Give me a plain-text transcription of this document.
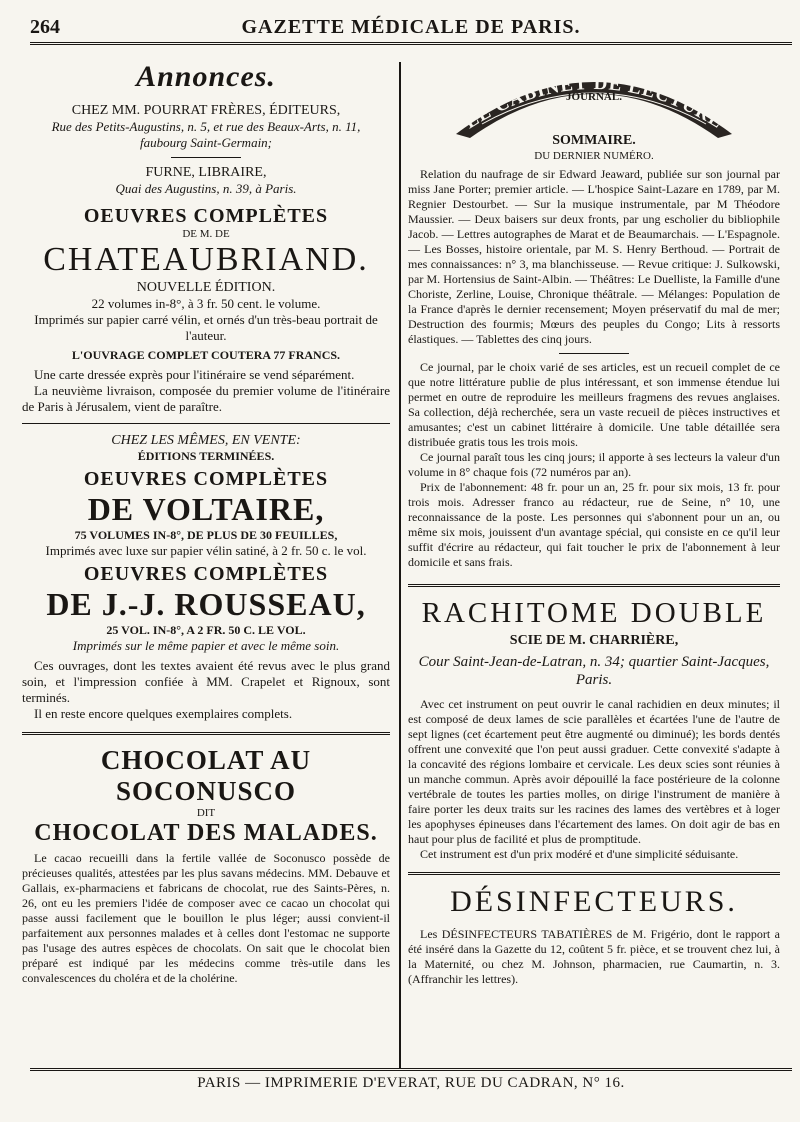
264	GAZETTE MÉDICALE DE PARIS.
Annonces.

CHEZ MM. POURRAT FRÈRES, ÉDITEURS,

Rue des Petits-Augustins, n. 5, et rue des Beaux-Arts, n. 11,

faubourg Saint-Germain;

FURNE, LIBRAIRE,

Quai des Augustins, n. 39, à Paris.

OEUVRES COMPLÈTES

DE M. DE

CHATEAUBRIAND.

NOUVELLE ÉDITION.

22 volumes in-8°, à 3 fr. 50 cent. le volume.

Imprimés sur papier carré vélin, et ornés d'un très-beau portrait de l'auteur.

L'OUVRAGE COMPLET COUTERA 77 FRANCS.

Une carte dressée exprès pour l'itinéraire se vend séparément.

La neuvième livraison, composée du premier volume de l'itinéraire de Paris à Jérusalem, vient de paraître.

CHEZ LES MÊMES, EN VENTE:

ÉDITIONS TERMINÉES.

OEUVRES COMPLÈTES

DE VOLTAIRE,

75 VOLUMES IN-8°, DE PLUS DE 30 FEUILLES,

Imprimés avec luxe sur papier vélin satiné, à 2 fr. 50 c. le vol.

OEUVRES COMPLÈTES

DE J.-J. ROUSSEAU,

25 VOL. IN-8°, A 2 FR. 50 C. LE VOL.

Imprimés sur le même papier et avec le même soin.

Ces ouvrages, dont les textes avaient été revus avec le plus grand soin, et l'impression confiée à MM. Crapelet et Rignoux, sont terminés.

Il en reste encore quelques exemplaires complets.

CHOCOLAT AU SOCONUSCO

DIT

CHOCOLAT DES MALADES.

Le cacao recueilli dans la fertile vallée de Soconusco possède de précieuses qualités, attestées par les plus savans médecins. MM. Debauve et Gallais, ex-pharmaciens et fabricans de chocolat, rue des Saints-Pères, n. 26, ont eu les premiers l'idée de composer avec ce cacao un chocolat qui passe aussi facilement que le bouillon le plus léger; aussi convient-il parfaitement aux personnes malades et à celles dont l'estomac ne supporte pas l'usage des autres espèces de chocolats. On sait que le chocolat bien préparé est indiqué par les médecins comme très-utile dans les convalescences du choléra et de la cholérine.

LE CABINET DE LECTURE
JOURNAL.
SOMMAIRE.

DU DERNIER NUMÉRO.

Relation du naufrage de sir Edward Jeaward, publiée sur son journal par miss Jane Porter; premier article. — L'hospice Saint-Lazare en 1789, par M. Regnier Destourbet. — Sur la musique instrumentale, par M Théodore Maussier. — Deux baisers sur deux fronts, par ung escholier du bibliophile Jacob. — Lettres autographes de Marat et de Beaumarchais. — L'Espagnole. — Les Bosses, histoire orientale, par M. S. Henry Berthoud. — Portrait de mes connaissances: n° 3, ma blanchisseuse. — Revue critique: J. Sulkowski, par M. Hortensius de Saint-Albin. — Théâtres: Le Duelliste, la Famille d'une Choriste, Zerline, Louise, Chronique théâtrale. — Mélanges: Population de la France d'après le dernier recensement; Moyen préservatif du mal de mer; Destruction des fourmis; Mœurs des peuples du Congo; Lits à ressorts élastiques. — Tablettes des cinq jours.

Ce journal, par le choix varié de ses articles, est un recueil complet de ce que notre littérature publie de plus intéressant, et son immense étendue lui permet en outre de reproduire les meilleurs fragmens des revues anglaises. Sa collection, déjà recherchée, sera un vaste recueil de pièces instructives et amusantes; c'est un cabinet littéraire à domicile. Une table détaillée sera distribuée gratis tous les trois mois.

Ce journal paraît tous les cinq jours; il apporte à ses lecteurs la valeur d'un volume in 8° chaque fois (72 numéros par an).

Prix de l'abonnement: 48 fr. pour un an, 25 fr. pour six mois, 13 fr. pour trois mois. Adresser franco au rédacteur, rue de Seine, n° 10, une reconnaissance de la poste. Les personnes qui s'abonnent pour un an, ou même six mois, jouissent d'un avantage spécial, qui consiste en ce qu'il leur suffit d'écrire au rédacteur, qui fait toucher le prix de l'abonnement à leur domicile et sans frais.

RACHITOME DOUBLE

SCIE DE M. CHARRIÈRE,

Cour Saint-Jean-de-Latran, n. 34; quartier Saint-Jacques, Paris.

Avec cet instrument on peut ouvrir le canal rachidien en deux minutes; il est composé de deux lames de scie parallèles et écartées l'une de l'autre de sept lignes (cet écartement peut être augmenté ou diminué); les bords dentés offrent une convexité que l'on peut aussi graduer. Cette convexité s'adapte à la concavité des régions lombaire et cervicale. Les deux scies sont réunies à un manche commun. Après avoir dépouillé la face postérieure de la colonne vertébrale de toutes les parties molles, on dirige l'instrument de manière à faire porter les deux traits sur les racines des lames des vertèbres et à loger les apophyses épineuses dans l'écartement des lames. On doit agir de bas en haut pour plus de facilité et plus de promptitude.

Cet instrument est d'un prix modéré et d'une simplicité séduisante.

DÉSINFECTEURS.

Les DÉSINFECTEURS TABATIÈRES de M. Frigério, dont le rapport a été inséré dans la Gazette du 12, coûtent 5 fr. pièce, et se trouvent chez lui, à la Maternité, ou chez M. Johnson, pharmacien, rue Caumartin, n. 3. (Affranchir les lettres).

PARIS — IMPRIMERIE D'EVERAT, RUE DU CADRAN, N° 16.
